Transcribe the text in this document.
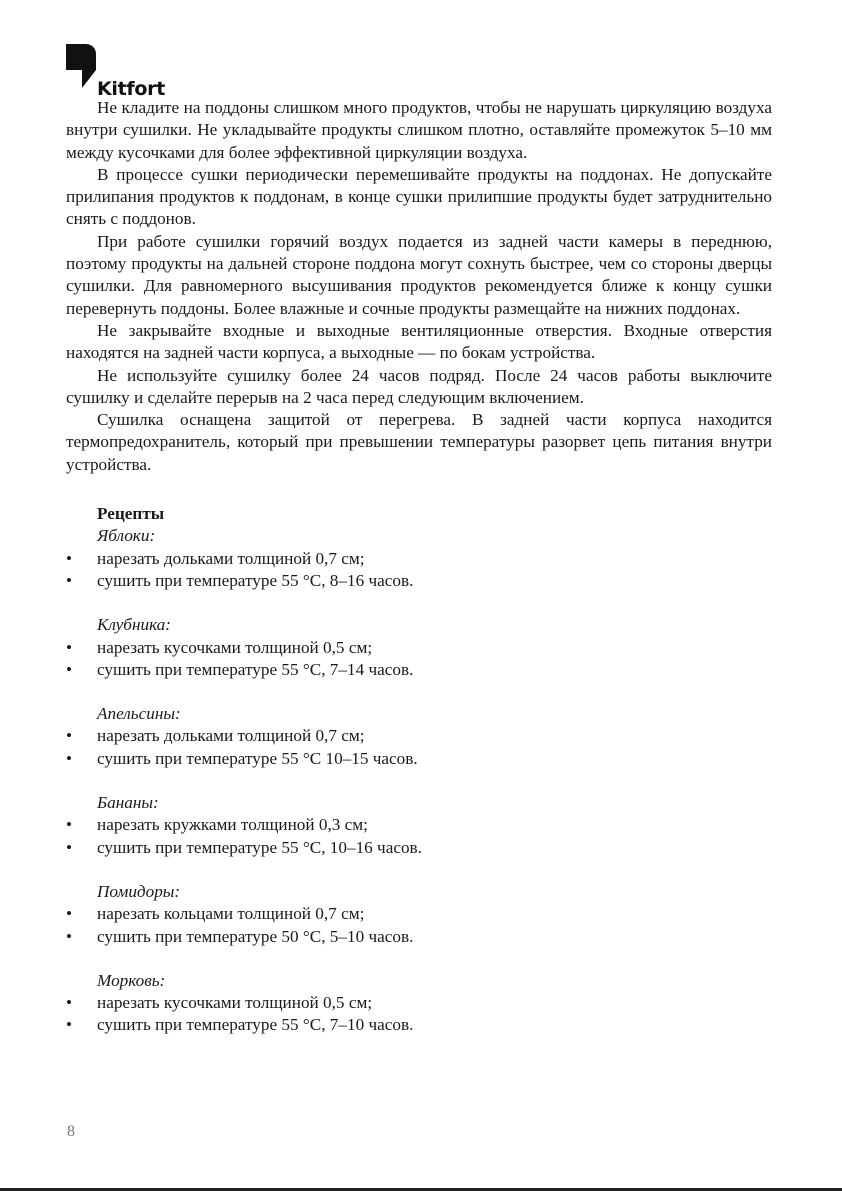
Kitfort

Не кладите на поддоны слишком много продуктов, чтобы не нарушать циркуляцию воздуха внутри сушилки. Не укладывайте продукты слишком плотно, оставляйте промежуток 5–10 мм между кусочками для более эффективной циркуляции воздуха.

В процессе сушки периодически перемешивайте продукты на поддонах. Не допускайте прилипания продуктов к поддонам, в конце сушки прилипшие продукты будет затруднительно снять с поддонов.

При работе сушилки горячий воздух подается из задней части камеры в переднюю, поэтому продукты на дальней стороне поддона могут сохнуть быстрее, чем со стороны дверцы сушилки. Для равномерного высушивания продуктов рекомендуется ближе к концу сушки перевернуть поддоны. Более влажные и сочные продукты размещайте на нижних поддонах.

Не закрывайте входные и выходные вентиляционные отверстия. Входные отверстия находятся на задней части корпуса, а выходные — по бокам устройства.

Не используйте сушилку более 24 часов подряд. После 24 часов работы выключите сушилку и сделайте перерыв на 2 часа перед следующим включением.

Сушилка оснащена защитой от перегрева. В задней части корпуса находится термопредохранитель, который при превышении температуры разорвет цепь питания внутри устройства.

Рецепты
Яблоки:
• нарезать дольками толщиной 0,7 см;
• сушить при температуре 55 °С, 8–16 часов.
Клубника:
• нарезать кусочками толщиной 0,5 см;
• сушить при температуре 55 °С, 7–14 часов.
Апельсины:
• нарезать дольками толщиной 0,7 см;
• сушить при температуре 55 °С 10–15 часов.
Бананы:
• нарезать кружками толщиной 0,3 см;
• сушить при температуре 55 °С, 10–16 часов.
Помидоры:
• нарезать кольцами толщиной 0,7 см;
• сушить при температуре 50 °С, 5–10 часов.
Морковь:
• нарезать кусочками толщиной 0,5 см;
• сушить при температуре 55 °С, 7–10 часов.
8
